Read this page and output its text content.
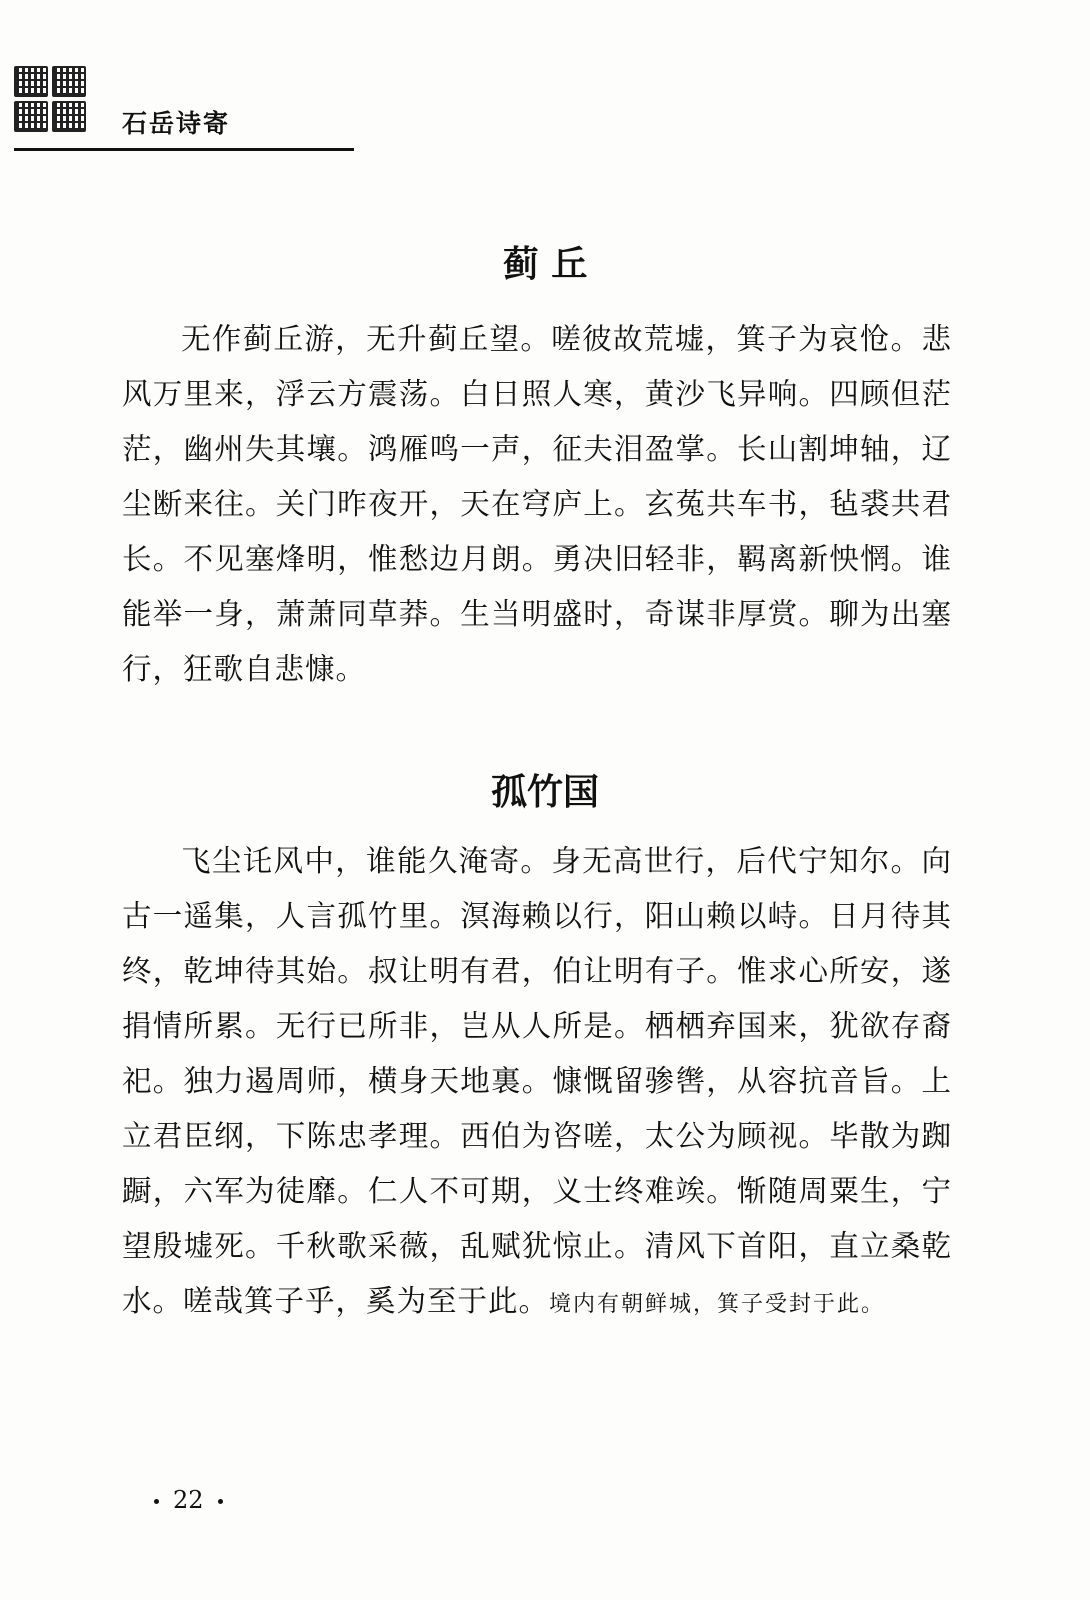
石岳诗寄
蓟 丘

无作蓟丘游，无升蓟丘望。嗟彼故荒墟，箕子为哀怆。悲风万里来，浮云方震荡。白日照人寒，黄沙飞异响。四顾但茫茫，幽州失其壤。鸿雁鸣一声，征夫泪盈掌。长山割坤轴，辽尘断来往。关门昨夜开，天在穹庐上。玄菟共车书，毡裘共君长。不见塞烽明，惟愁边月朗。勇决旧轻非，羁离新怏惘。谁能举一身，萧萧同草莽。生当明盛时，奇谋非厚赏。聊为出塞行，狂歌自悲慷。

孤竹国

飞尘讬风中，谁能久淹寄。身无高世行，后代宁知尔。向古一遥集，人言孤竹里。溟海赖以行，阳山赖以峙。日月待其终，乾坤待其始。叔让明有君，伯让明有子。惟求心所安，遂捐情所累。无行已所非，岂从人所是。栖栖弃国来，犹欲存裔祀。独力遏周师，横身天地裏。慷慨留骖辔，从容抗音旨。上立君臣纲，下陈忠孝理。西伯为咨嗟，太公为顾视。毕散为踟蹰，六军为徒靡。仁人不可期，义士终难竢。惭随周粟生，宁望殷墟死。千秋歌采薇，乱赋犹惊止。清风下首阳，直立桑乾水。嗟哉箕子乎，奚为至于此。境内有朝鲜城，箕子受封于此。

22
